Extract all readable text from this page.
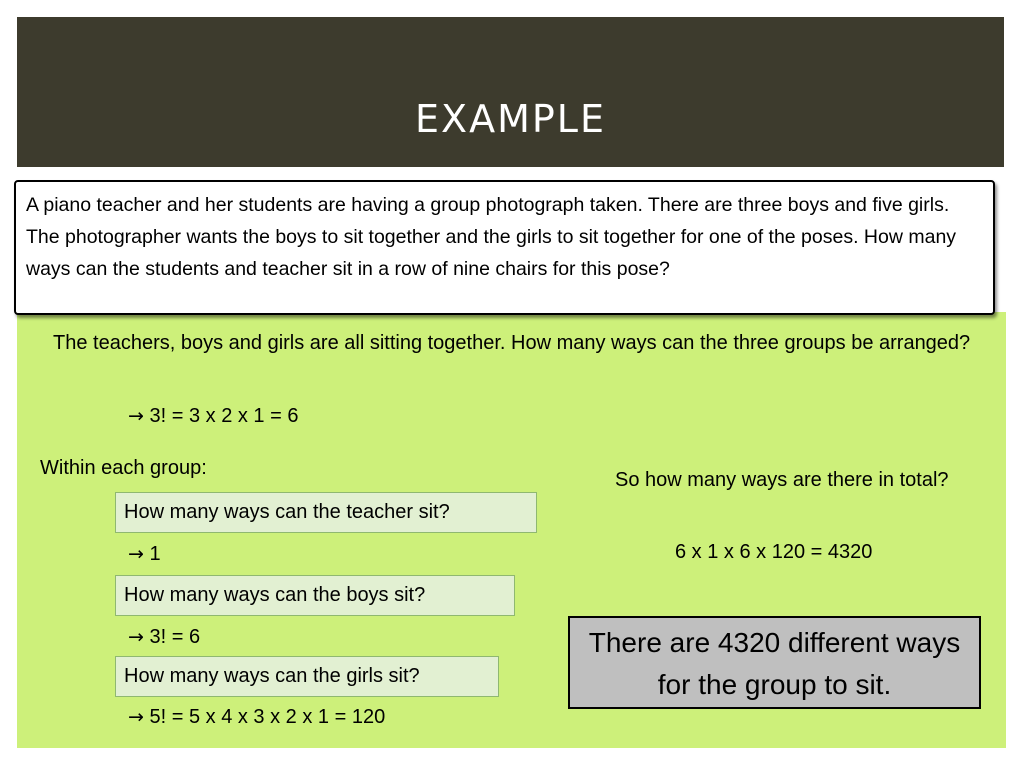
EXAMPLE
A piano teacher and her students are having a group photograph taken. There are three boys and five girls. The photographer wants the boys to sit together and the girls to sit together for one of the poses. How many ways can the students and teacher sit in a row of nine chairs for this pose?
The teachers, boys and girls are all sitting together. How many ways can the three groups be arranged?
→ 3! = 3 x 2 x 1 = 6
Within each group:
How many ways can the teacher sit?
→ 1
How many ways can the boys sit?
→ 3! = 6
How many ways can the girls sit?
→ 5! = 5 x 4 x 3 x 2 x 1 = 120
So how many ways are there in total?
6 x 1 x 6 x 120 = 4320
There are 4320 different ways for the group to sit.
